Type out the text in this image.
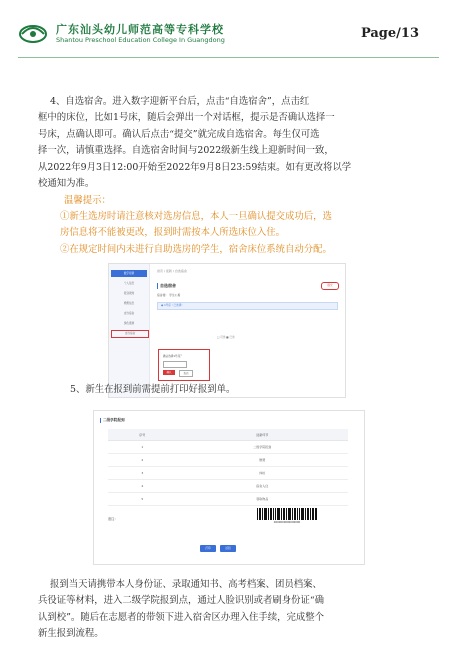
广东汕头幼儿师范高等专科学校
Shantou Preschool Education College In Guangdong	Page/13
4、自选宿舍。进入数字迎新平台后，点击“自选宿舍”，点击红
框中的床位，比如1号床，随后会弹出一个对话框，提示是否确认选择一
号床，点确认即可。确认后点击“提交”就完成自选宿舍。每生仅可选
择一次，请慎重选择。自选宿舍时间与2022级新生线上迎新时间一致，
从2022年9月3日12:00开始至2022年9月8日23:59结束。如有更改将以学
校通知为准。
温馨提示：
①新生选房时请注意核对选房信息，本人一旦确认提交成功后，选
房信息将不能被更改，报到时需按本人所选床位入住。
②在规定时间内未进行自助选房的学生，宿舍床位系统自动分配。
数字迎新
个人信息
报到须知
缴费信息
自选宿舍
绿色通道
自选宿舍
首页 / 迎新 / 自选宿舍
自选宿舍	提交
宿舍楼： 学生公寓
◉ 1号床（已选择）
□ 可选 ■ 已选
确认选择1号床？
确认	取消
5、新生在报到前需提前打印好报到单。
二级学院报到
序号	迎新环节
1	二级学院报到
2	缴费
3	体检
4	宿舍入住
5	领取物品
备注：
0000000000000000
打印	返回
报到当天请携带本人身份证、录取通知书、高考档案、团员档案、
兵役证等材料，进入二级学院报到点，通过人脸识别或者刷身份证“确
认到校”。随后在志愿者的带领下进入宿舍区办理入住手续，完成整个
新生报到流程。
